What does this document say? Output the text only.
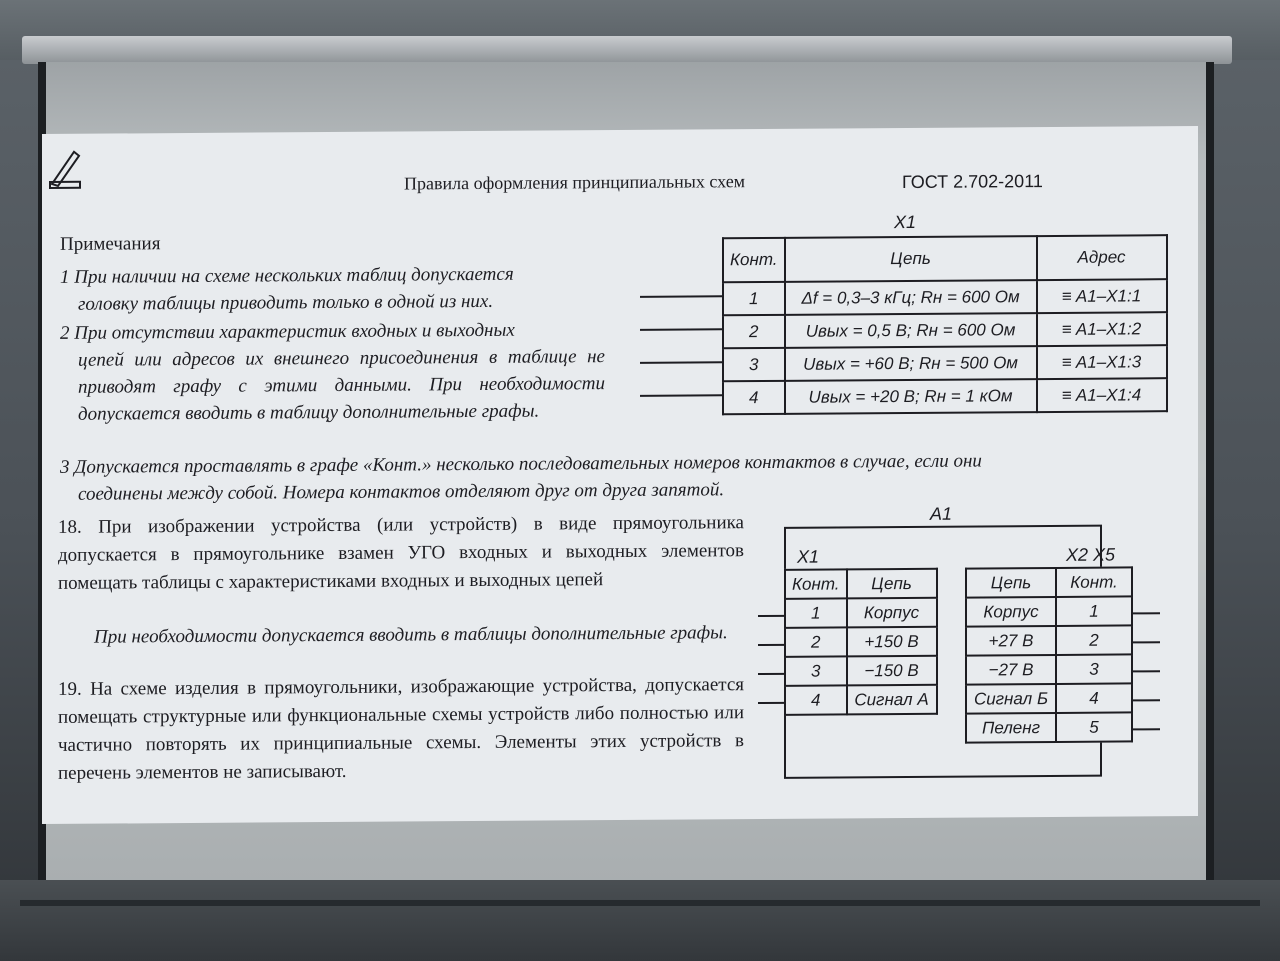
Правила оформления принципиальных схем	ГОСТ 2.702-2011
Примечания
1 При наличии на схеме нескольких таблиц допускается
головку таблицы приводить только в одной из них.
2 При отсутствии характеристик входных и выходных
цепей или адресов их внешнего присоединения в таблице не приводят графу с этими данными. При необходимости допускается вводить в таблицу дополнительные графы.
3 Допускается проставлять в графе «Конт.» несколько последовательных номеров контактов в случае, если они
соединены между собой. Номера контактов отделяют друг от друга запятой.
18. При изображении устройства (или устройств) в виде прямоугольника допускается в прямоугольнике взамен УГО входных и выходных элементов помещать таблицы с характеристиками входных и выходных цепей
При необходимости допускается вводить в таблицы дополнительные графы.
19. На схеме изделия в прямоугольники, изображающие устройства, допускается помещать структурные или функциональные схемы устройств либо полностью или частично повторять их принципиальные схемы. Элементы этих устройств в перечень элементов не записывают.
X1
Конт.	Цепь	Адрес
1	Δf = 0,3–3 кГц; Rн = 600 Ом	≡ A1–X1:1
2	Uвых = 0,5 В; Rн = 600 Ом	≡ A1–X1:2
3	Uвых = +60 В; Rн = 500 Ом	≡ A1–X1:3
4	Uвых = +20 В; Rн = 1 кОм	≡ A1–X1:4
A1
X1	X2 X5
Конт.	Цепь
1	Корпус
2	+150 В
3	−150 В
4	Сигнал А
Цепь	Конт.
Корпус	1
+27 В	2
−27 В	3
Сигнал Б	4
Пеленг	5
